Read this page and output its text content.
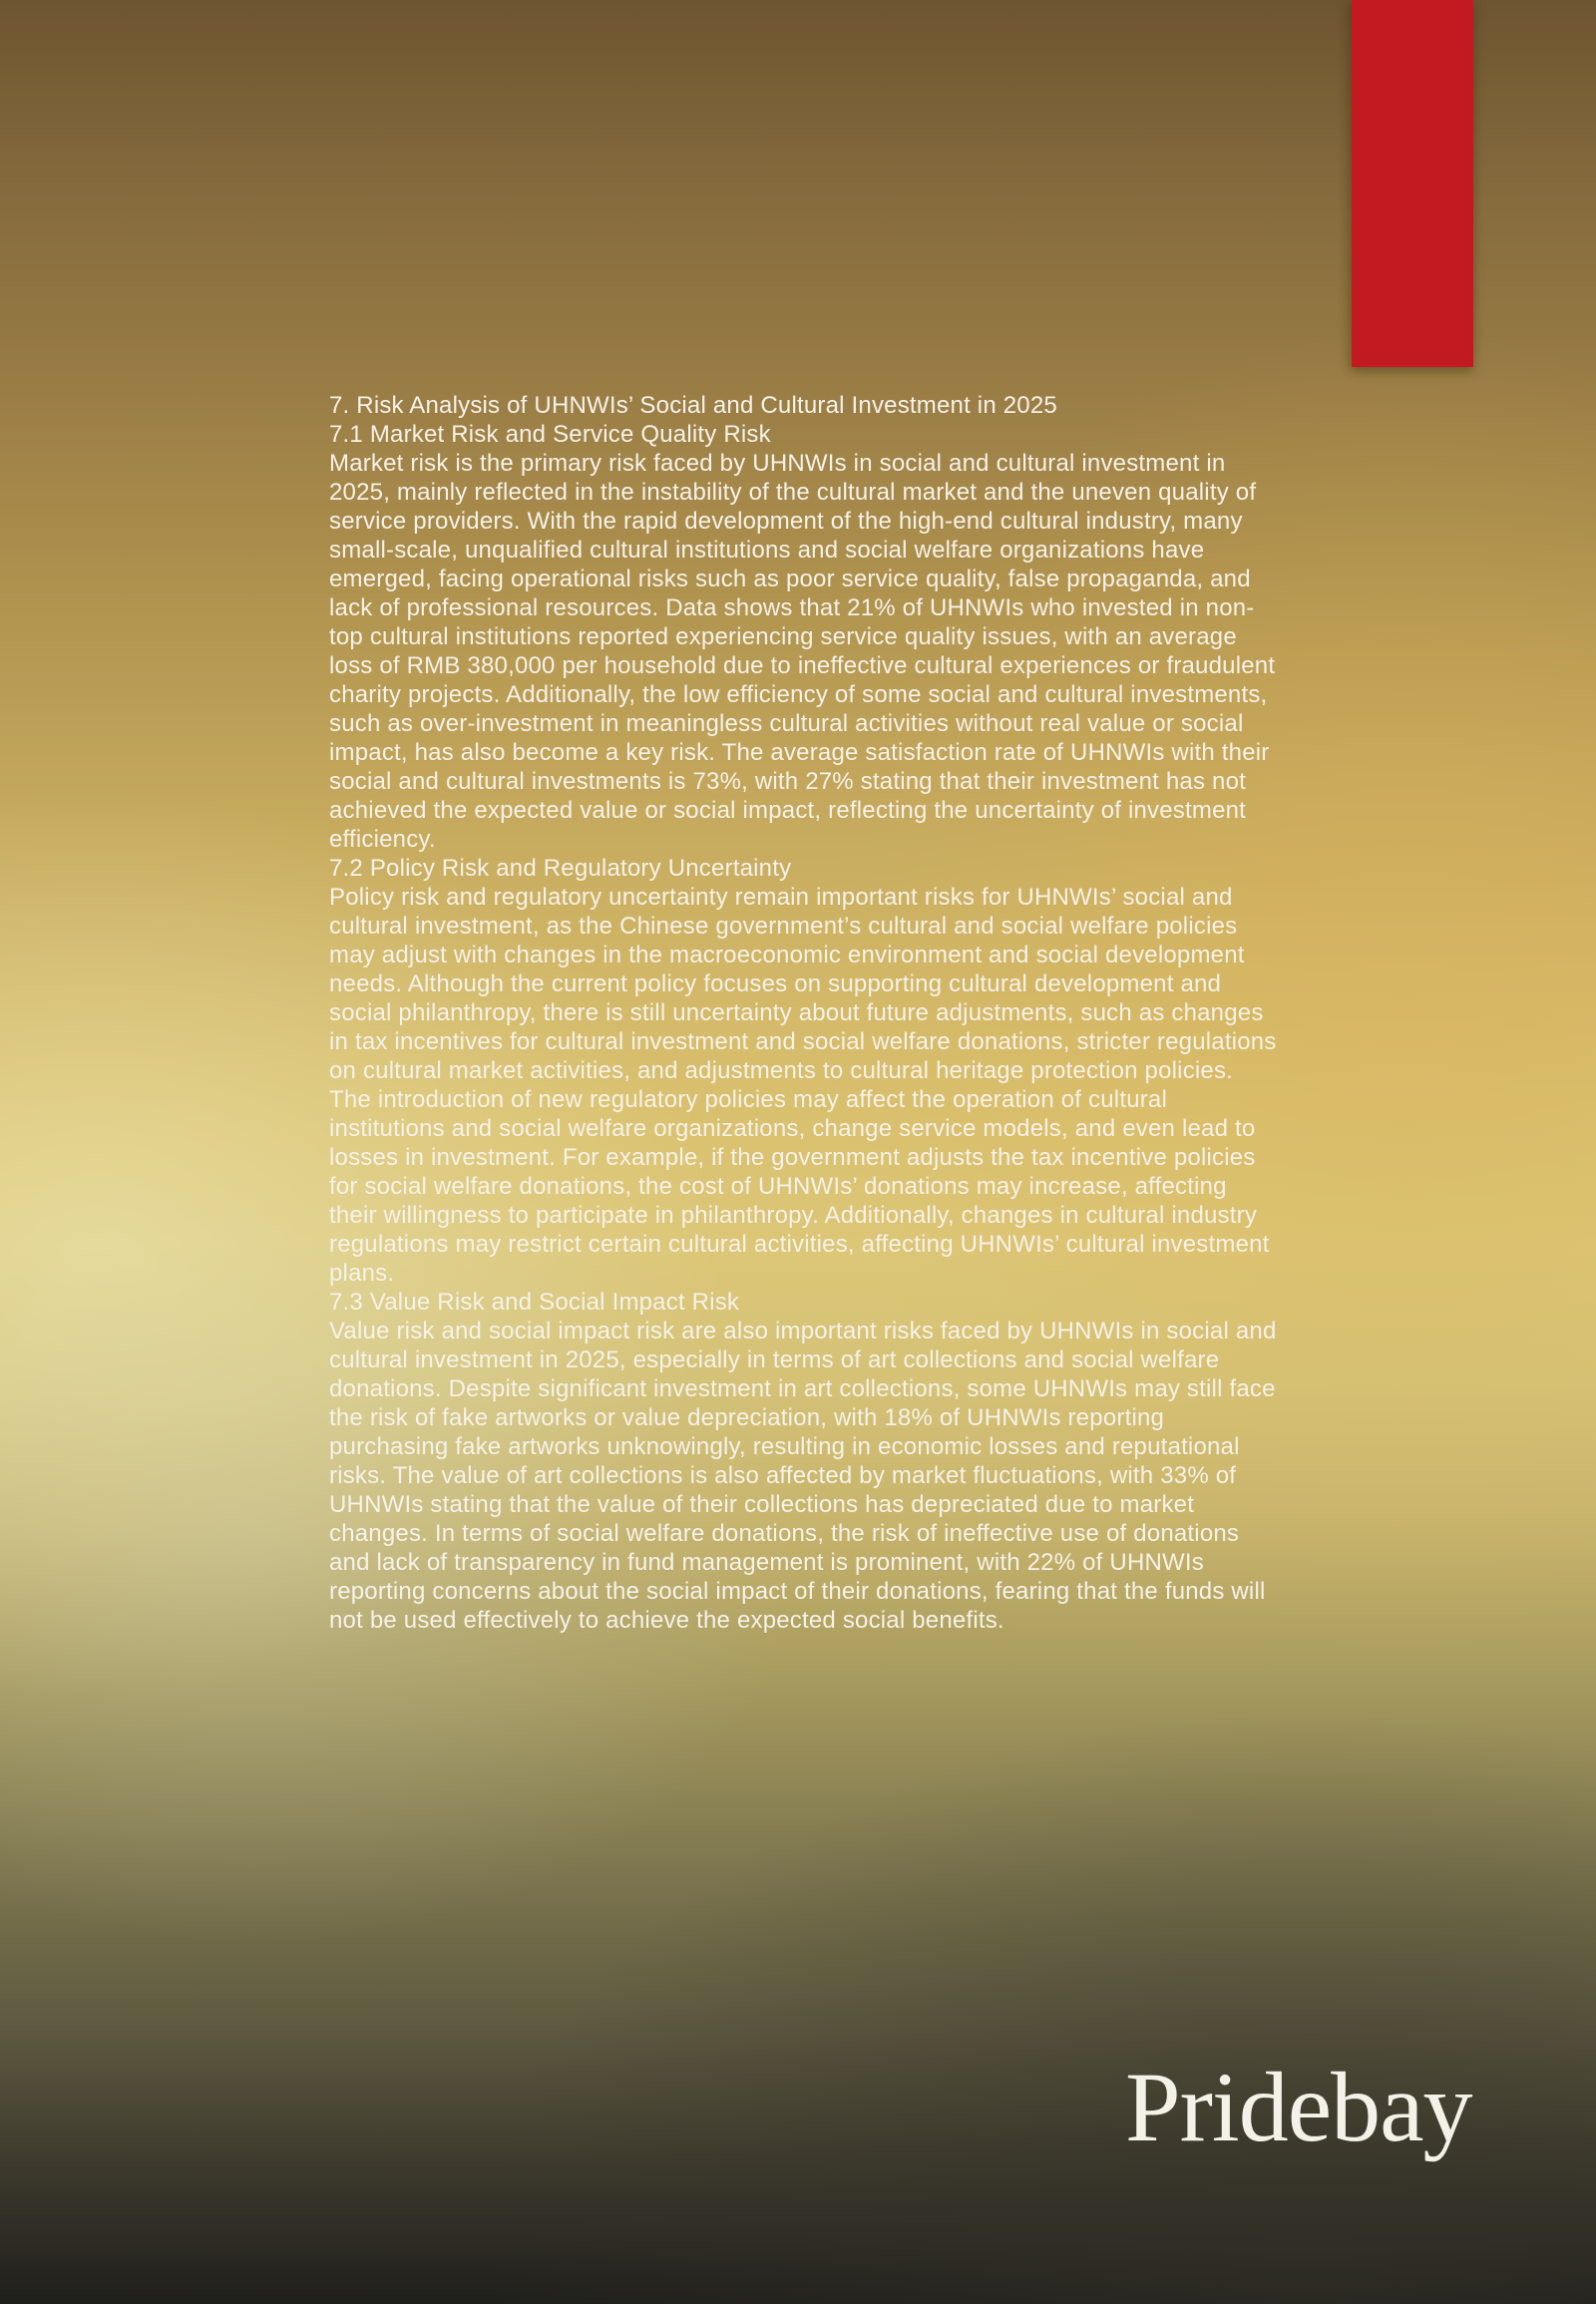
7. Risk Analysis of UHNWIs’ Social and Cultural Investment in 2025
7.1 Market Risk and Service Quality Risk
Market risk is the primary risk faced by UHNWIs in social and cultural investment in 2025, mainly reflected in the instability of the cultural market and the uneven quality of service providers. With the rapid development of the high-end cultural industry, many small-scale, unqualified cultural institutions and social welfare organizations have emerged, facing operational risks such as poor service quality, false propaganda, and lack of professional resources. Data shows that 21% of UHNWIs who invested in non-top cultural institutions reported experiencing service quality issues, with an average loss of RMB 380,000 per household due to ineffective cultural experiences or fraudulent charity projects. Additionally, the low efficiency of some social and cultural investments, such as over-investment in meaningless cultural activities without real value or social impact, has also become a key risk. The average satisfaction rate of UHNWIs with their social and cultural investments is 73%, with 27% stating that their investment has not achieved the expected value or social impact, reflecting the uncertainty of investment efficiency.
7.2 Policy Risk and Regulatory Uncertainty
Policy risk and regulatory uncertainty remain important risks for UHNWIs’ social and cultural investment, as the Chinese government’s cultural and social welfare policies may adjust with changes in the macroeconomic environment and social development needs. Although the current policy focuses on supporting cultural development and social philanthropy, there is still uncertainty about future adjustments, such as changes in tax incentives for cultural investment and social welfare donations, stricter regulations on cultural market activities, and adjustments to cultural heritage protection policies. The introduction of new regulatory policies may affect the operation of cultural institutions and social welfare organizations, change service models, and even lead to losses in investment. For example, if the government adjusts the tax incentive policies for social welfare donations, the cost of UHNWIs’ donations may increase, affecting their willingness to participate in philanthropy. Additionally, changes in cultural industry regulations may restrict certain cultural activities, affecting UHNWIs’ cultural investment plans.
7.3 Value Risk and Social Impact Risk
Value risk and social impact risk are also important risks faced by UHNWIs in social and cultural investment in 2025, especially in terms of art collections and social welfare donations. Despite significant investment in art collections, some UHNWIs may still face the risk of fake artworks or value depreciation, with 18% of UHNWIs reporting purchasing fake artworks unknowingly, resulting in economic losses and reputational risks. The value of art collections is also affected by market fluctuations, with 33% of UHNWIs stating that the value of their collections has depreciated due to market changes. In terms of social welfare donations, the risk of ineffective use of donations and lack of transparency in fund management is prominent, with 22% of UHNWIs reporting concerns about the social impact of their donations, fearing that the funds will not be used effectively to achieve the expected social benefits.
Pridebay
